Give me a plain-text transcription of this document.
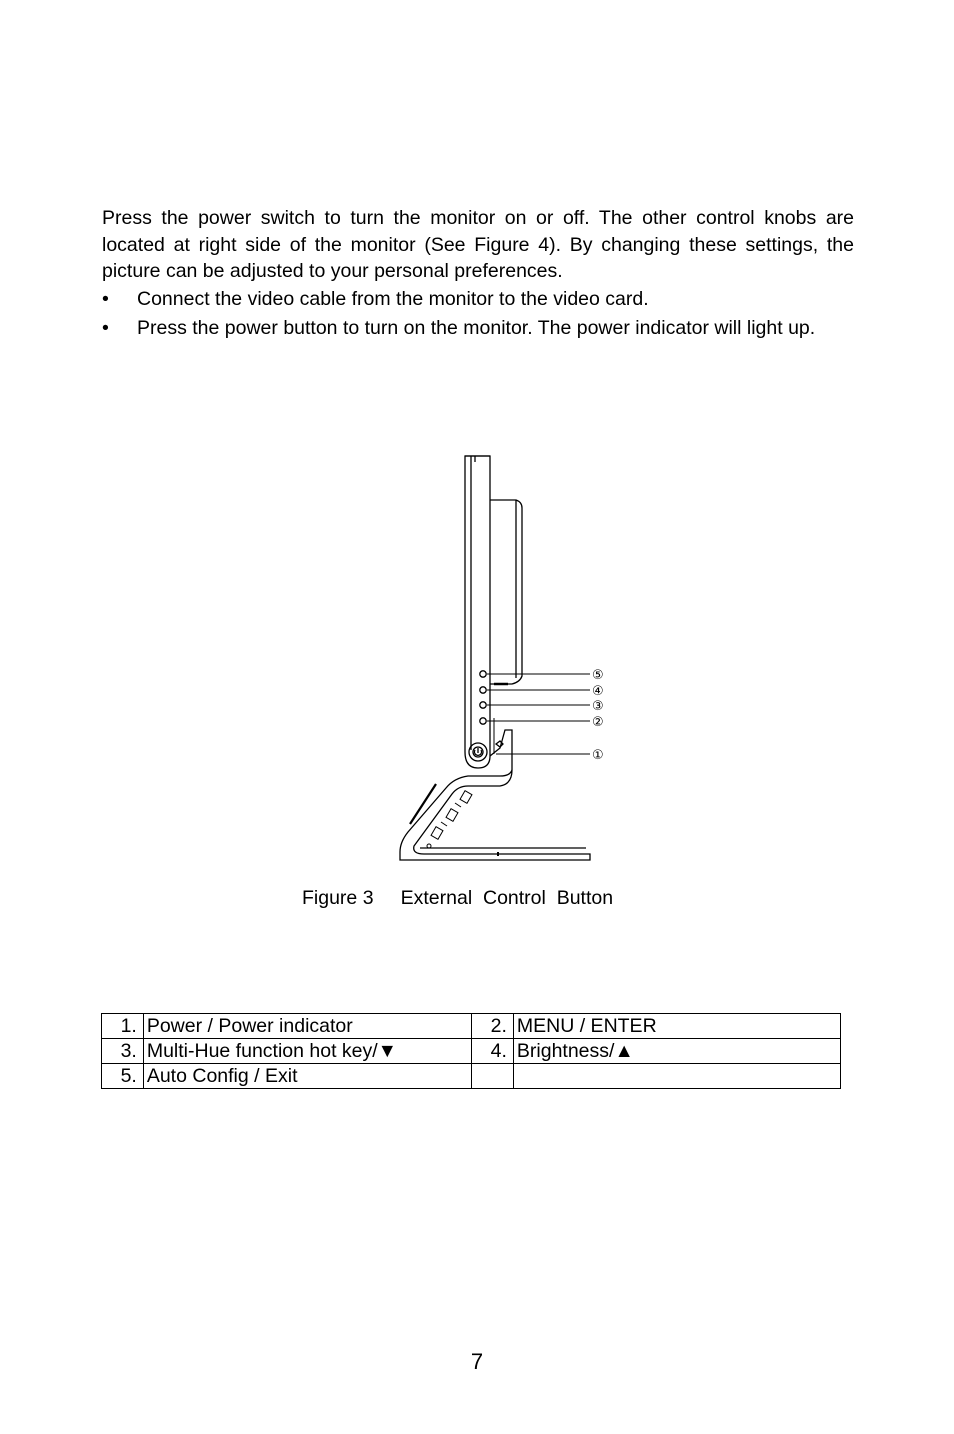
Press the power switch to turn the monitor on or off. The other control knobs are located at right side of the monitor (See Figure 4). By changing these settings, the picture can be adjusted to your personal preferences.

•	Connect the video cable from the monitor to the video card.
•	Press the power button to turn on the monitor. The power indicator will light up.
⑤
④
③
②
①

Figure 3     External  Control  Button

1.	Power / Power indicator	2.	MENU / ENTER
3.	Multi-Hue function hot key/▼	4.	Brightness/▲
5.	Auto Config / Exit		
7
